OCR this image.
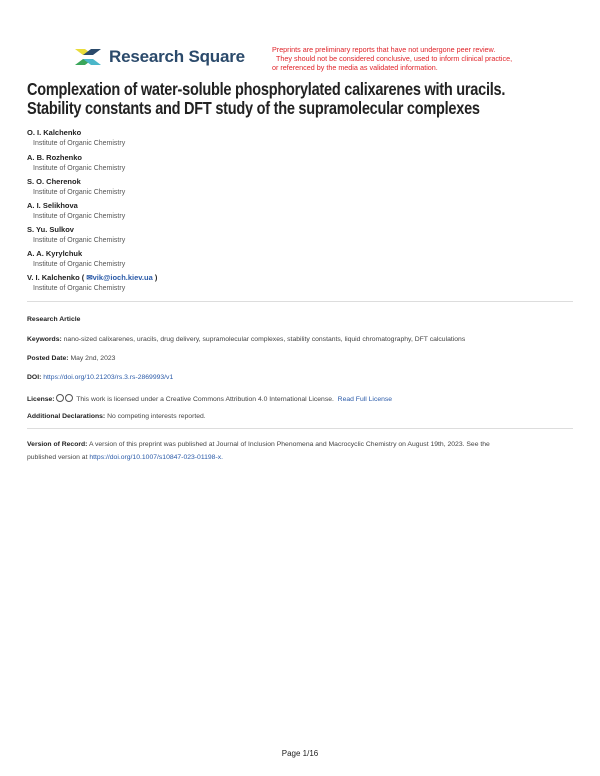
Research Square	Preprints are preliminary reports that have not undergone peer review.
They should not be considered conclusive, used to inform clinical practice,
or referenced by the media as validated information.
Complexation of water-soluble phosphorylated calixarenes with uracils.
Stability constants and DFT study of the supramolecular complexes
O. I. Kalchenko
Institute of Organic Chemistry
A. B. Rozhenko
Institute of Organic Chemistry
S. O. Cherenok
Institute of Organic Chemistry
A. I. Selikhova
Institute of Organic Chemistry
S. Yu. Sulkov
Institute of Organic Chemistry
A. A. Kyrylchuk
Institute of Organic Chemistry
V. I. Kalchenko ( ✉vik@ioch.kiev.ua )
Institute of Organic Chemistry
Research Article
Keywords: nano-sized calixarenes, uracils, drug delivery, supramolecular complexes, stability constants, liquid chromatography, DFT calculations
Posted Date: May 2nd, 2023
DOI: https://doi.org/10.21203/rs.3.rs-2869993/v1
License:	This work is licensed under a Creative Commons Attribution 4.0 International License. Read Full License
Additional Declarations: No competing interests reported.
Version of Record: A version of this preprint was published at Journal of Inclusion Phenomena and Macrocyclic Chemistry on August 19th, 2023. See the
published version at https://doi.org/10.1007/s10847-023-01198-x.
Page 1/16
